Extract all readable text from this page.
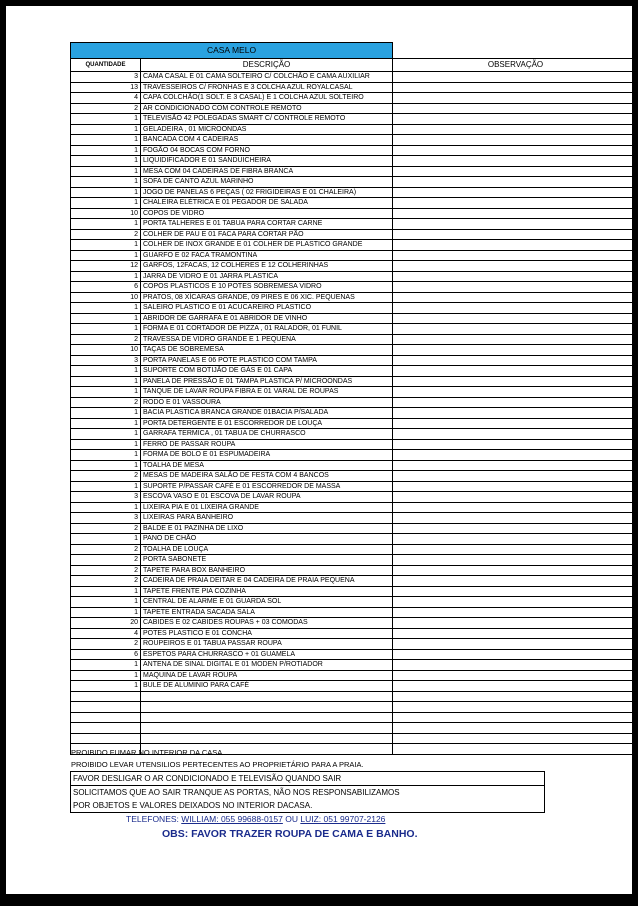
CASA MELO		
QUANTIDADE	DESCRIÇÃO	OBSERVAÇÃO
3	CAMA CASAL E 01 CAMA SOLTEIRO C/ COLCHÃO E CAMA AUXILIAR	
13	TRAVESSEIROS C/ FRONHAS E 3 COLCHA AZUL ROYALCASAL	
4	CAPA COLCHÃO(1 SOLT. E 3 CASAL) E 1 COLCHA AZUL SOLTEIRO	
2	AR CONDICIONADO COM CONTROLE REMOTO	
1	TELEVISÃO 42 POLEGADAS SMART C/ CONTROLE REMOTO	
1	GELADEIRA , 01 MICROONDAS	
1	BANCADA COM 4 CADEIRAS	
1	FOGÃO 04 BOCAS COM FORNO	
1	LIQUIDIFICADOR E 01 SANDUICHEIRA	
1	MESA COM 04 CADEIRAS DE FIBRA BRANCA	
1	SOFA DE CANTO AZUL MARINHO	
1	JOGO DE PANELAS 6 PEÇAS ( 02 FRIGIDEIRAS E 01 CHALEIRA)	
1	CHALEIRA ELÉTRICA E 01 PEGADOR DE SALADA	
10	COPOS DE VIDRO	
1	PORTA TALHERES E 01 TABUA PARA CORTAR CARNE	
2	COLHER DE PAU E 01 FACA PARA CORTAR PÃO	
1	COLHER DE INOX GRANDE E 01 COLHER DE PLASTICO GRANDE	
1	GUARFO E 02 FACA TRAMONTINA	
12	GARFOS, 12FACAS, 12 COLHERES E 12 COLHERINHAS	
1	JARRA DE VIDRO E 01 JARRA PLASTICA	
6	COPOS PLASTICOS E 10 POTES SOBREMESA VIDRO	
10	PRATOS, 08 XÍCARAS GRANDE, 09 PIRES E 06 XIC. PEQUENAS	
1	SALEIRO PLASTICO E 01 ACUCAREIRO PLASTICO	
1	ABRIDOR DE GARRAFA E 01 ABRIDOR DE VINHO	
1	FORMA E 01 CORTADOR DE PIZZA , 01 RALADOR, 01 FUNIL	
2	TRAVESSA DE VIDRO GRANDE E 1 PEQUENA	
10	TAÇAS DE SOBREMESA	
3	PORTA PANELAS E 06 POTE PLASTICO COM TAMPA	
1	SUPORTE COM BOTIJÃO DE GÁS E 01 CAPA	
1	PANELA DE PRESSÃO E 01 TAMPA PLASTICA P/ MICROONDAS	
1	TANQUE DE LAVAR ROUPA FIBRA E 01 VARAL DE ROUPAS	
2	RODO E 01 VASSOURA	
1	BACIA PLASTICA BRANCA GRANDE 01BACIA P/SALADA	
1	PORTA DETERGENTE E 01 ESCORREDOR DE LOUÇA	
1	GARRAFA TERMICA , 01 TABUA DE CHURRASCO	
1	FERRO DE PASSAR ROUPA	
1	FORMA DE BOLO E 01 ESPUMADEIRA	
1	TOALHA DE MESA	
2	MESAS DE MADEIRA SALÃO DE FESTA COM 4 BANCOS	
1	SUPORTE P/PASSAR CAFÉ E 01 ESCORREDOR DE MASSA	
3	ESCOVA VASO E 01 ESCOVA DE LAVAR ROUPA	
1	LIXEIRA PIA E 01 LIXEIRA GRANDE	
3	LIXEIRAS PARA BANHEIRO	
2	BALDE E 01 PAZINHA DE LIXO	
1	PANO DE CHÃO	
2	TOALHA DE LOUÇA	
2	PORTA SABONETE	
2	TAPETE PARA BOX BANHEIRO	
2	CADEIRA DE PRAIA DEITAR E 04 CADEIRA DE PRAIA PEQUENA	
1	TAPETE FRENTE PIA COZINHA	
1	CENTRAL DE ALARME E 01 GUARDA SOL	
1	TAPETE ENTRADA SACADA SALA	
20	CABIDES E 02 CABIDES ROUPAS + 03 COMODAS	
4	POTES PLASTICO E 01 CONCHA	
2	ROUPEIROS E 01 TABUA PASSAR ROUPA	
6	ESPETOS PARA CHURRASCO + 01 GUAMELA	
1	ANTENA DE SINAL DIGITAL E 01 MODEN P/ROTIADOR	
1	MAQUINA DE LAVAR ROUPA	
1	BULE DE ALUMINIO PARA CAFÉ	

PROIBIDO FUMAR NO INTERIOR DA CASA
PROIBIDO LEVAR UTENSILIOS PERTECENTES AO PROPRIETÁRIO PARA A PRAIA.
FAVOR DESLIGAR O AR CONDICIONADO E TELEVISÃO QUANDO SAIR
SOLICITAMOS QUE AO SAIR TRANQUE AS PORTAS, NÃO NOS RESPONSABILIZAMOS
POR OBJETOS E VALORES DEIXADOS NO INTERIOR DACASA.
TELEFONES: WILLIAM: 055 99688-0157 OU LUIZ: 051 99707-2126
OBS: FAVOR TRAZER ROUPA DE CAMA E BANHO.
